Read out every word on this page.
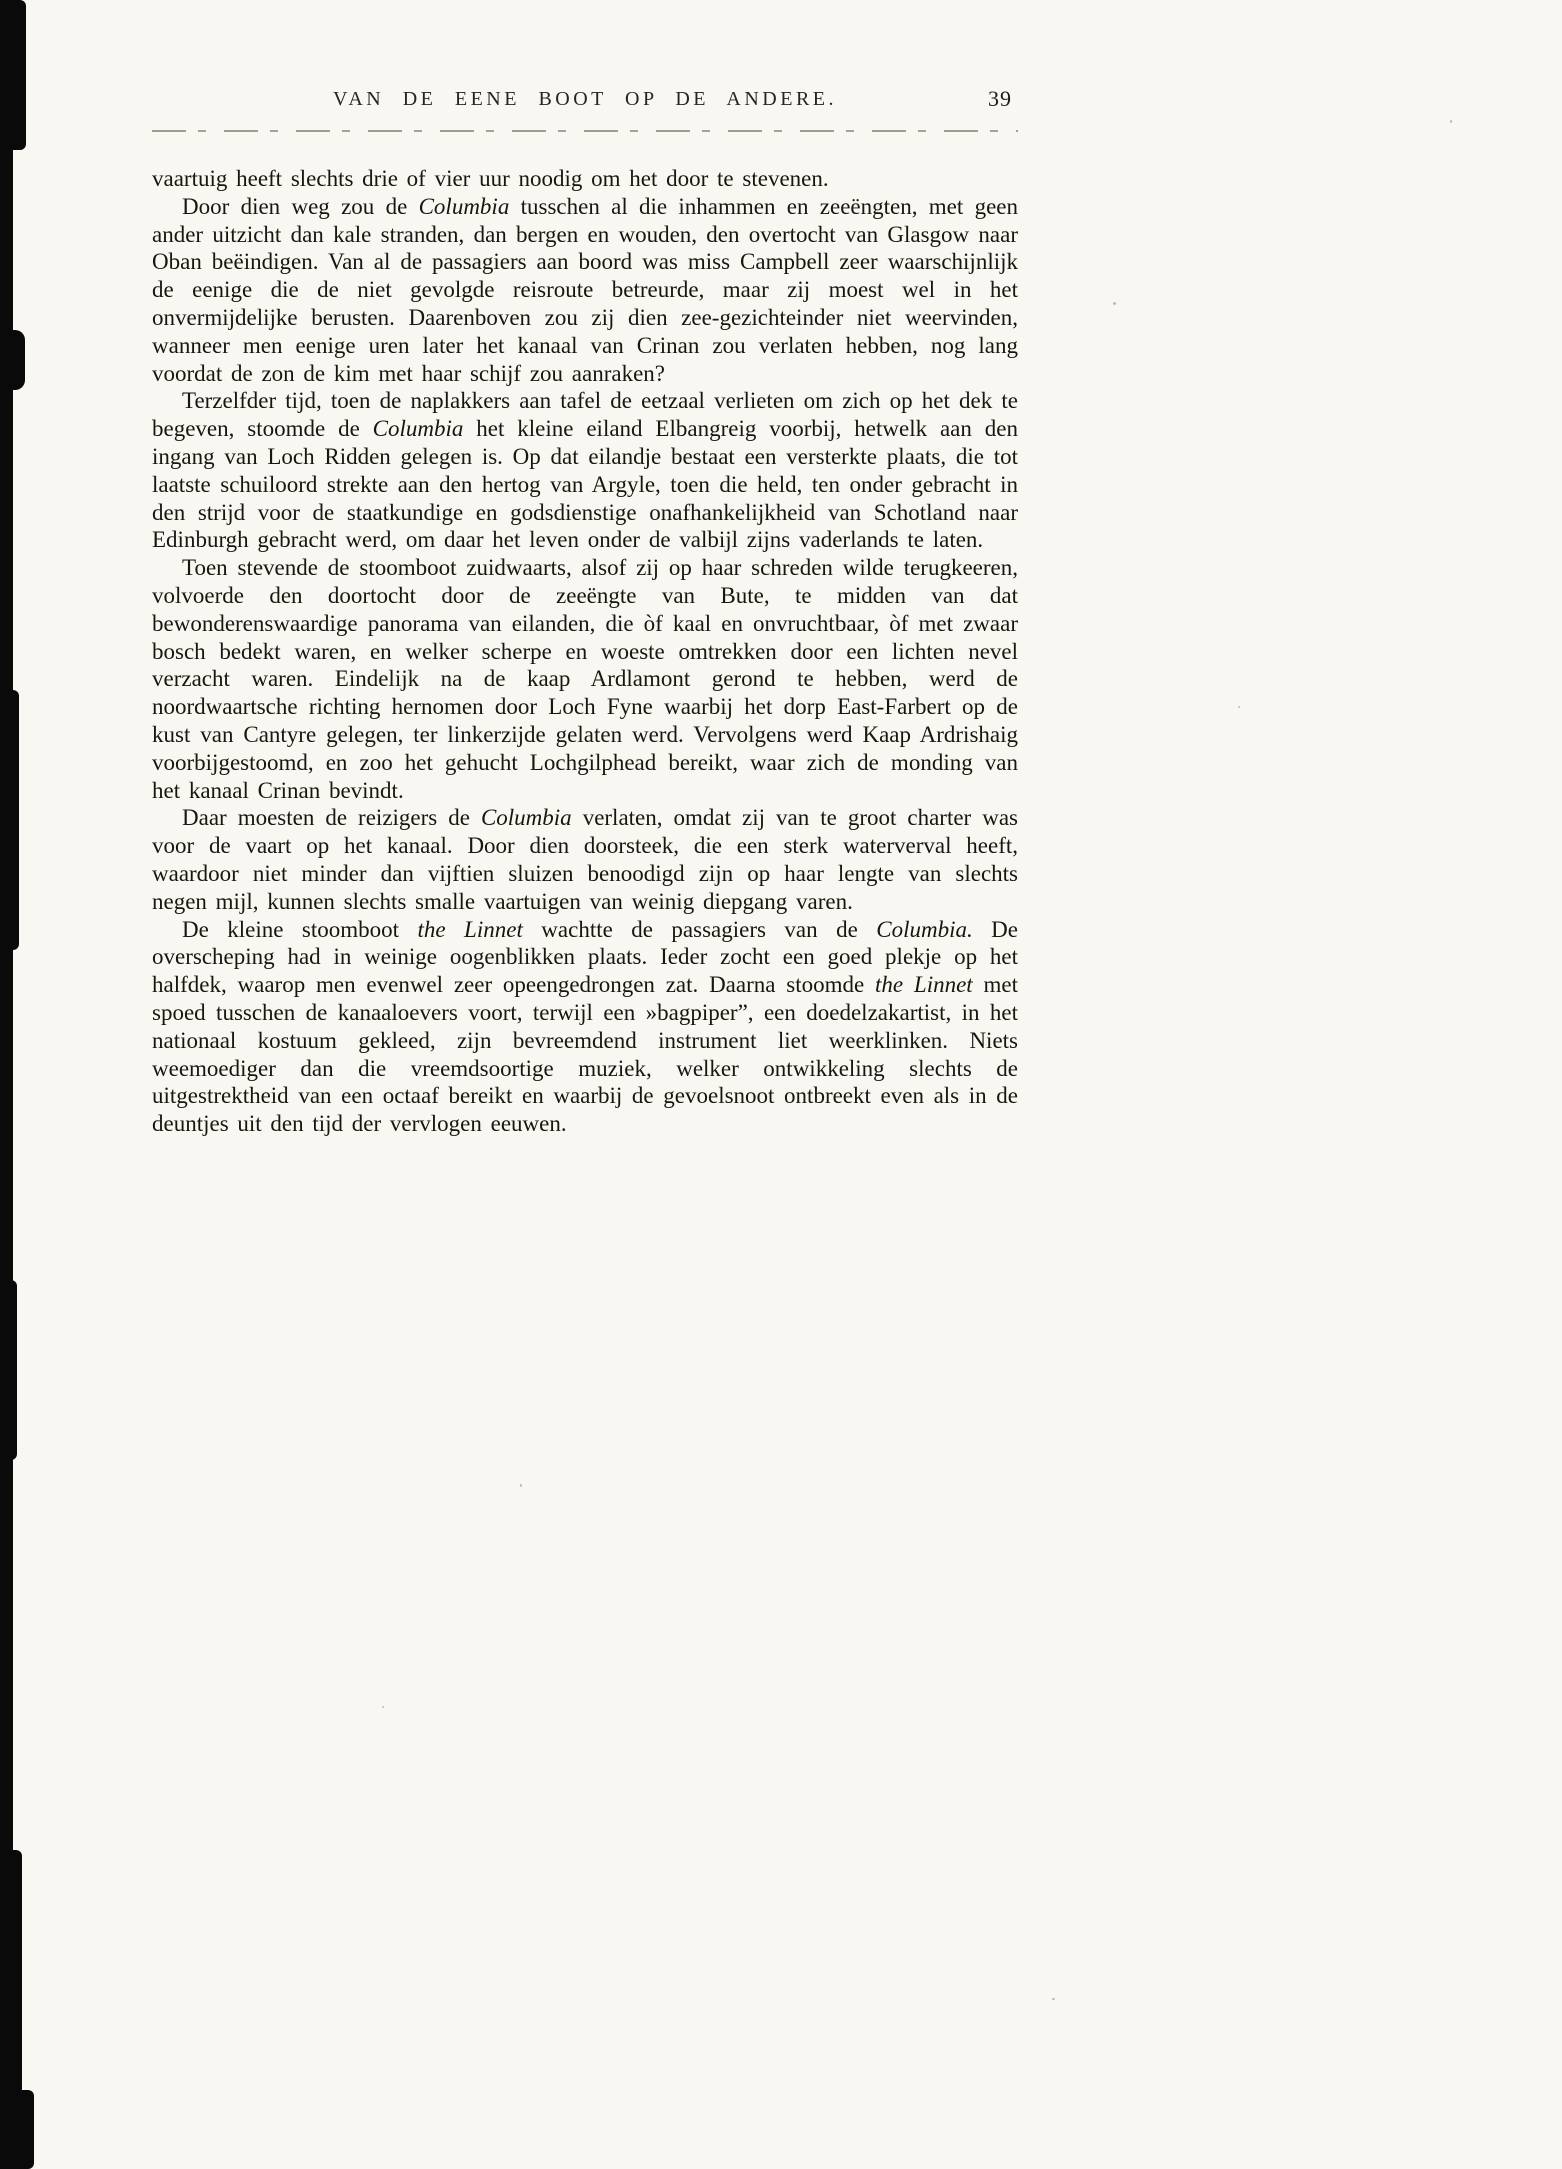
VAN DE EENE BOOT OP DE ANDERE.	39

vaartuig heeft slechts drie of vier uur noodig om het door te stevenen.

Door dien weg zou de Columbia tusschen al die inhammen en zeeëngten, met geen ander uitzicht dan kale stranden, dan bergen en wouden, den overtocht van Glasgow naar Oban beëindigen. Van al de passagiers aan boord was miss Campbell zeer waarschijnlijk de eenige die de niet gevolgde reisroute betreurde, maar zij moest wel in het onvermijdelijke berusten. Daarenboven zou zij dien zee-gezichteinder niet weervinden, wanneer men eenige uren later het kanaal van Crinan zou verlaten hebben, nog lang voordat de zon de kim met haar schijf zou aanraken?

Terzelfder tijd, toen de naplakkers aan tafel de eetzaal verlieten om zich op het dek te begeven, stoomde de Columbia het kleine eiland Elbangreig voorbij, hetwelk aan den ingang van Loch Ridden gelegen is. Op dat eilandje bestaat een versterkte plaats, die tot laatste schuiloord strekte aan den hertog van Argyle, toen die held, ten onder gebracht in den strijd voor de staatkundige en godsdienstige onafhankelijkheid van Schotland naar Edinburgh gebracht werd, om daar het leven onder de valbijl zijns vaderlands te laten.

Toen stevende de stoomboot zuidwaarts, alsof zij op haar schreden wilde terugkeeren, volvoerde den doortocht door de zeeëngte van Bute, te midden van dat bewonderenswaardige panorama van eilanden, die òf kaal en onvruchtbaar, òf met zwaar bosch bedekt waren, en welker scherpe en woeste omtrekken door een lichten nevel verzacht waren. Eindelijk na de kaap Ardlamont gerond te hebben, werd de noordwaartsche richting hernomen door Loch Fyne waarbij het dorp East-Farbert op de kust van Cantyre gelegen, ter linkerzijde gelaten werd. Vervolgens werd Kaap Ardrishaig voorbijgestoomd, en zoo het gehucht Lochgilphead bereikt, waar zich de monding van het kanaal Crinan bevindt.

Daar moesten de reizigers de Columbia verlaten, omdat zij van te groot charter was voor de vaart op het kanaal. Door dien doorsteek, die een sterk waterverval heeft, waardoor niet minder dan vijftien sluizen benoodigd zijn op haar lengte van slechts negen mijl, kunnen slechts smalle vaartuigen van weinig diepgang varen.

De kleine stoomboot the Linnet wachtte de passagiers van de Columbia. De overscheping had in weinige oogenblikken plaats. Ieder zocht een goed plekje op het halfdek, waarop men evenwel zeer opeengedrongen zat. Daarna stoomde the Linnet met spoed tusschen de kanaaloevers voort, terwijl een »bagpiper”, een doedelzakartist, in het nationaal kostuum gekleed, zijn bevreemdend instrument liet weerklinken. Niets weemoediger dan die vreemdsoortige muziek, welker ontwikkeling slechts de uitgestrektheid van een octaaf bereikt en waarbij de gevoelsnoot ontbreekt even als in de deuntjes uit den tijd der vervlogen eeuwen.
